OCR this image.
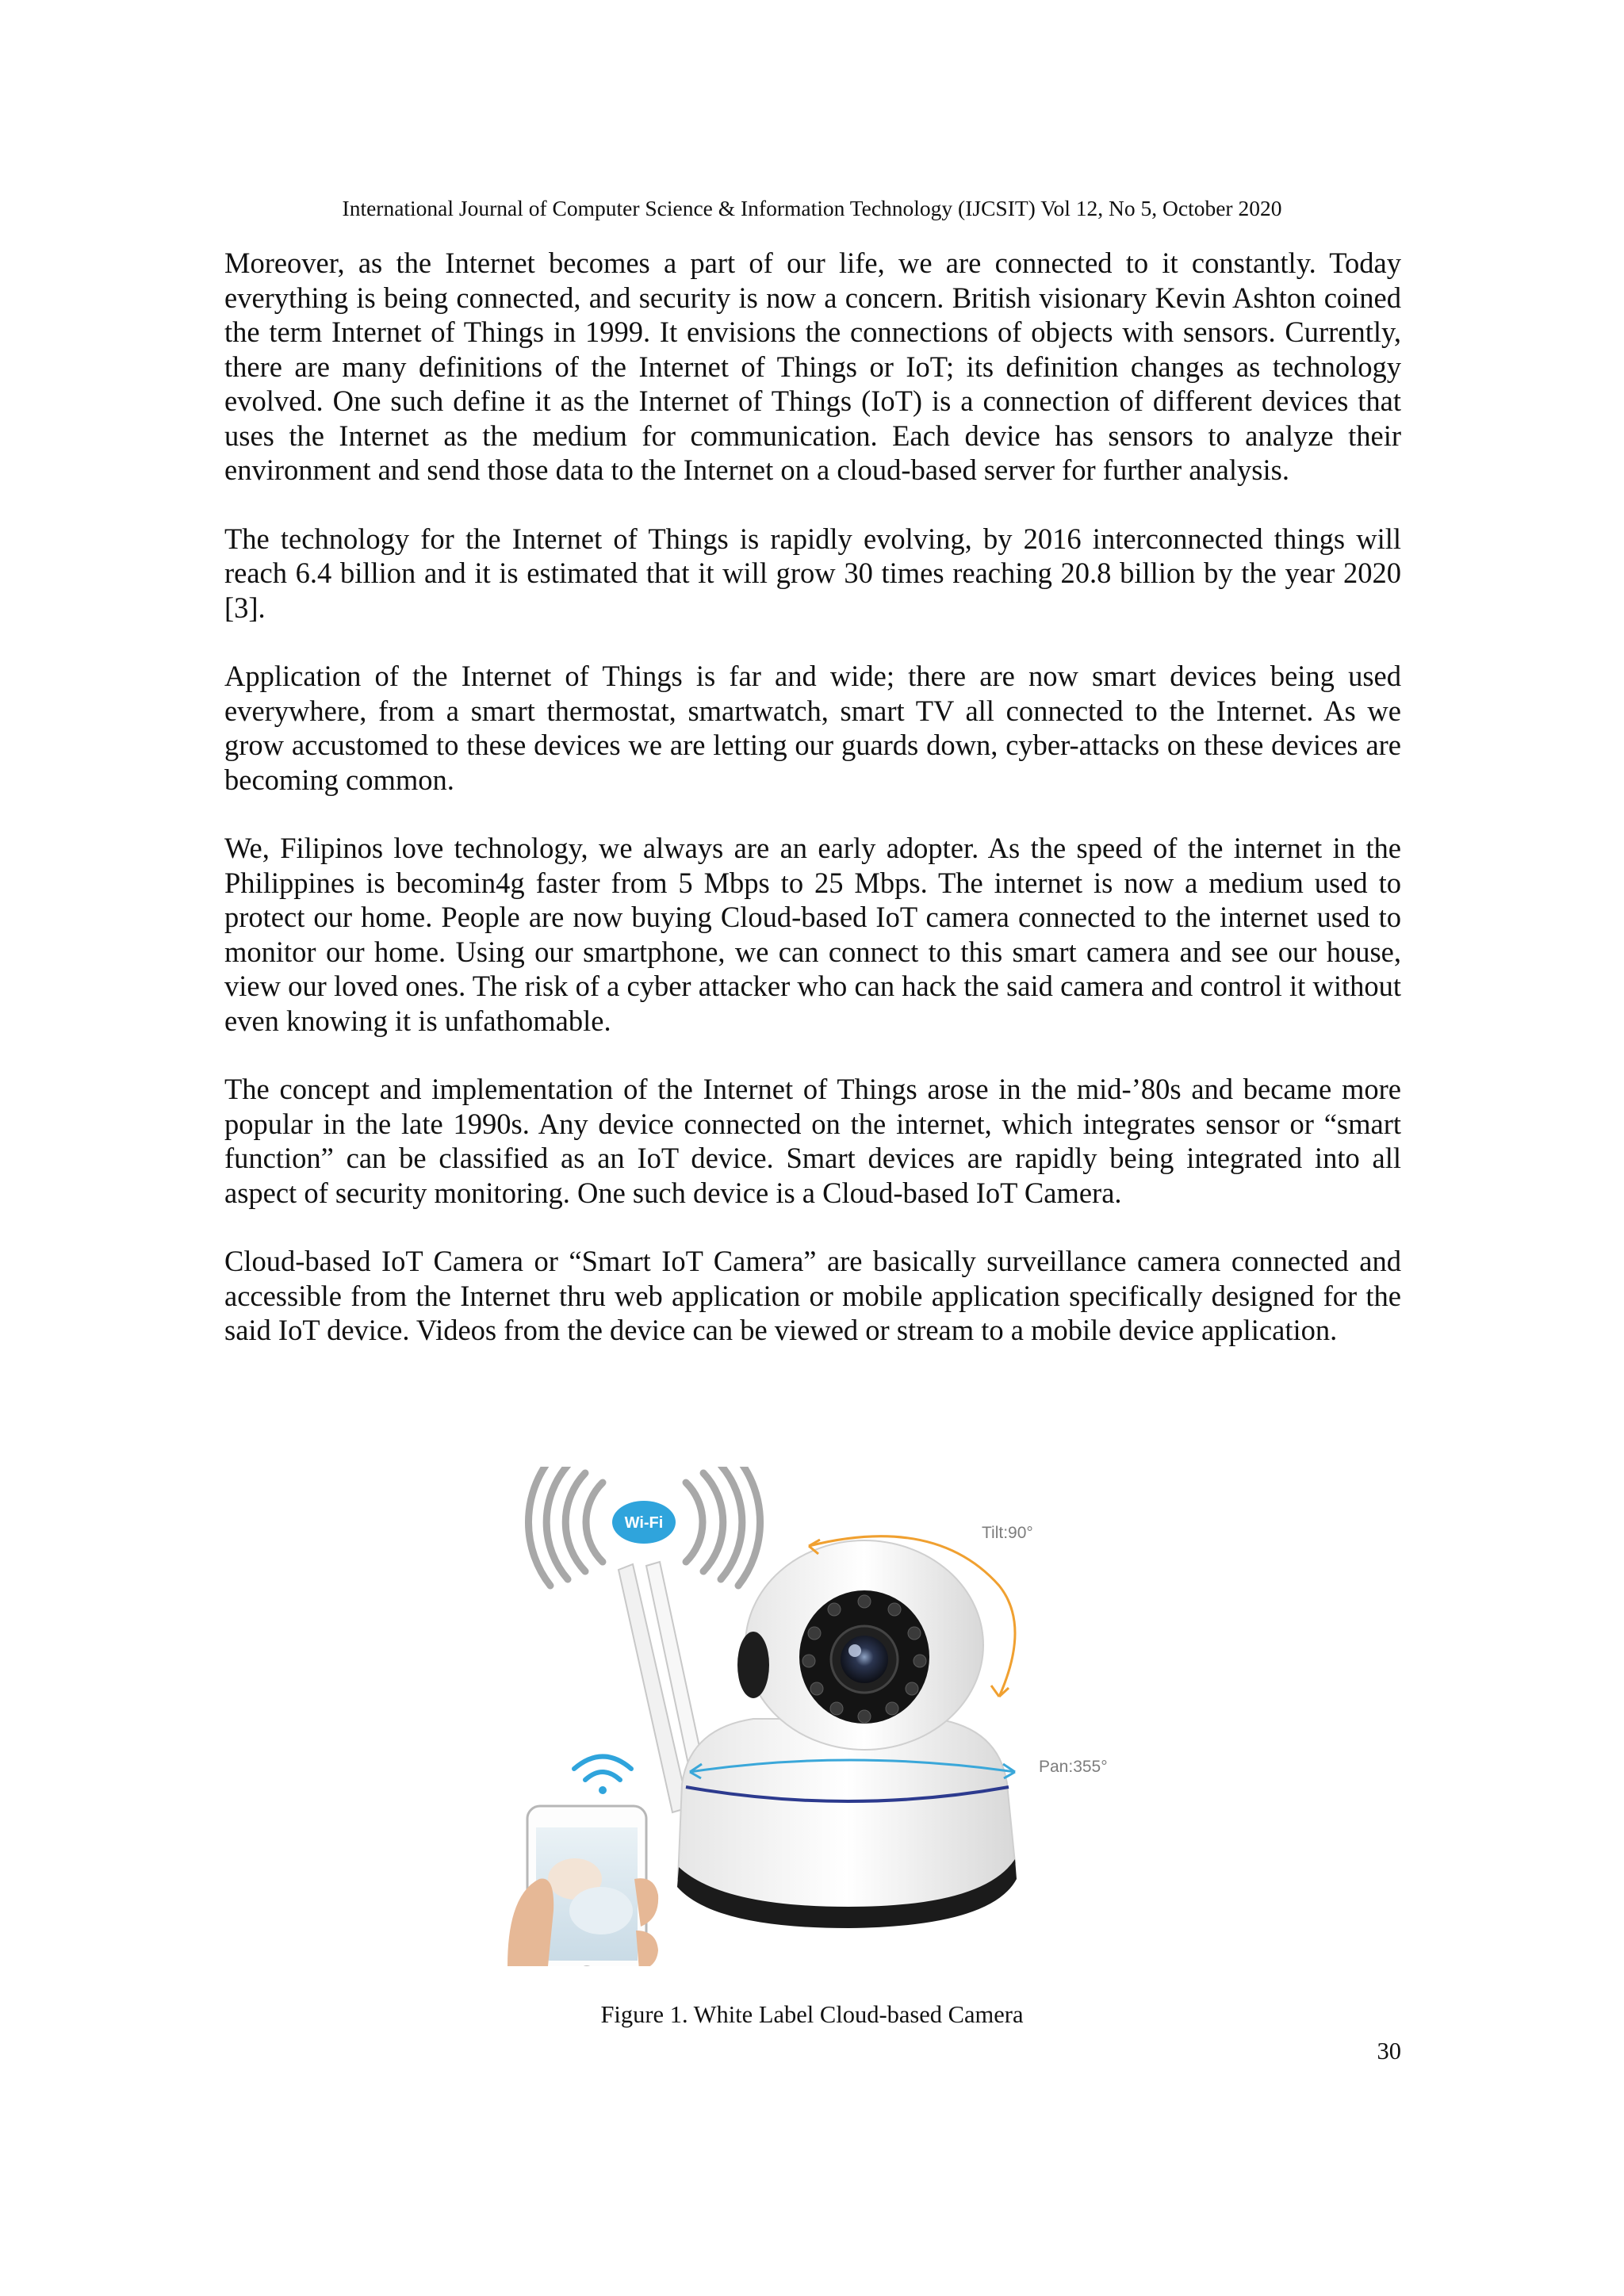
International Journal of Computer Science & Information Technology (IJCSIT) Vol 12, No 5, October 2020

Moreover, as the Internet becomes a part of our life, we are connected to it constantly. Today everything is being connected, and security is now a concern. British visionary Kevin Ashton coined the term Internet of Things in 1999. It envisions the connections of objects with sensors. Currently, there are many definitions of the Internet of Things or IoT; its definition changes as technology evolved. One such define it as the Internet of Things (IoT) is a connection of different devices that uses the Internet as the medium for communication. Each device has sensors to analyze their environment and send those data to the Internet on a cloud-based server for further analysis.

The technology for the Internet of Things is rapidly evolving, by 2016 interconnected things will reach 6.4 billion and it is estimated that it will grow 30 times reaching 20.8 billion by the year 2020 [3].

Application of the Internet of Things is far and wide; there are now smart devices being used everywhere, from a smart thermostat, smartwatch, smart TV all connected to the Internet. As we grow accustomed to these devices we are letting our guards down, cyber-attacks on these devices are becoming common.

We, Filipinos love technology, we always are an early adopter. As the speed of the internet in the Philippines is becomin4g faster from 5 Mbps to 25 Mbps. The internet is now a medium used to protect our home. People are now buying Cloud-based IoT camera connected to the internet used to monitor our home. Using our smartphone, we can connect to this smart camera and see our house, view our loved ones. The risk of a cyber attacker who can hack the said camera and control it without even knowing it is unfathomable.

The concept and implementation of the Internet of Things arose in the mid-’80s and became more popular in the late 1990s. Any device connected on the internet, which integrates sensor or “smart function” can be classified as an IoT device. Smart devices are rapidly being integrated into all aspect of security monitoring. One such device is a Cloud-based IoT Camera.

Cloud-based IoT Camera or “Smart IoT Camera” are basically surveillance camera connected and accessible from the Internet thru web application or mobile application specifically designed for the said IoT device. Videos from the device can be viewed or stream to a mobile device application.

Wi-Fi
Pan:355°
Tilt:90°
Figure 1. White Label Cloud-based Camera
30
